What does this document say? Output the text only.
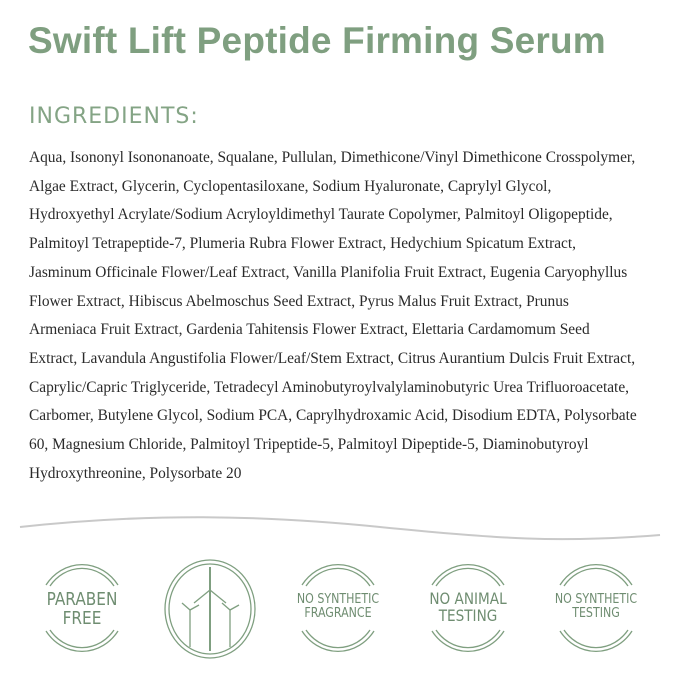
Swift Lift Peptide Firming Serum
INGREDIENTS:
Aqua, Isononyl Isononanoate, Squalane, Pullulan, Dimethicone/Vinyl Dimethicone Crosspolymer,
Algae Extract, Glycerin, Cyclopentasiloxane, Sodium Hyaluronate, Caprylyl Glycol,
Hydroxyethyl Acrylate/Sodium Acryloyldimethyl Taurate Copolymer, Palmitoyl Oligopeptide,
Palmitoyl Tetrapeptide-7, Plumeria Rubra Flower Extract, Hedychium Spicatum Extract,
Jasminum Officinale Flower/Leaf Extract, Vanilla Planifolia Fruit Extract, Eugenia Caryophyllus
Flower Extract, Hibiscus Abelmoschus Seed Extract, Pyrus Malus Fruit Extract, Prunus
Armeniaca Fruit Extract, Gardenia Tahitensis Flower Extract, Elettaria Cardamomum Seed
Extract, Lavandula Angustifolia Flower/Leaf/Stem Extract, Citrus Aurantium Dulcis Fruit Extract,
Caprylic/Capric Triglyceride, Tetradecyl Aminobutyroylvalylaminobutyric Urea Trifluoroacetate,
Carbomer, Butylene Glycol, Sodium PCA, Caprylhydroxamic Acid, Disodium EDTA, Polysorbate
60, Magnesium Chloride, Palmitoyl Tripeptide-5, Palmitoyl Dipeptide-5, Diaminobutyroyl
Hydroxythreonine, Polysorbate 20
PARABEN
FREE
NO SYNTHETIC
FRAGRANCE
NO ANIMAL
TESTING
NO SYNTHETIC
TESTING
